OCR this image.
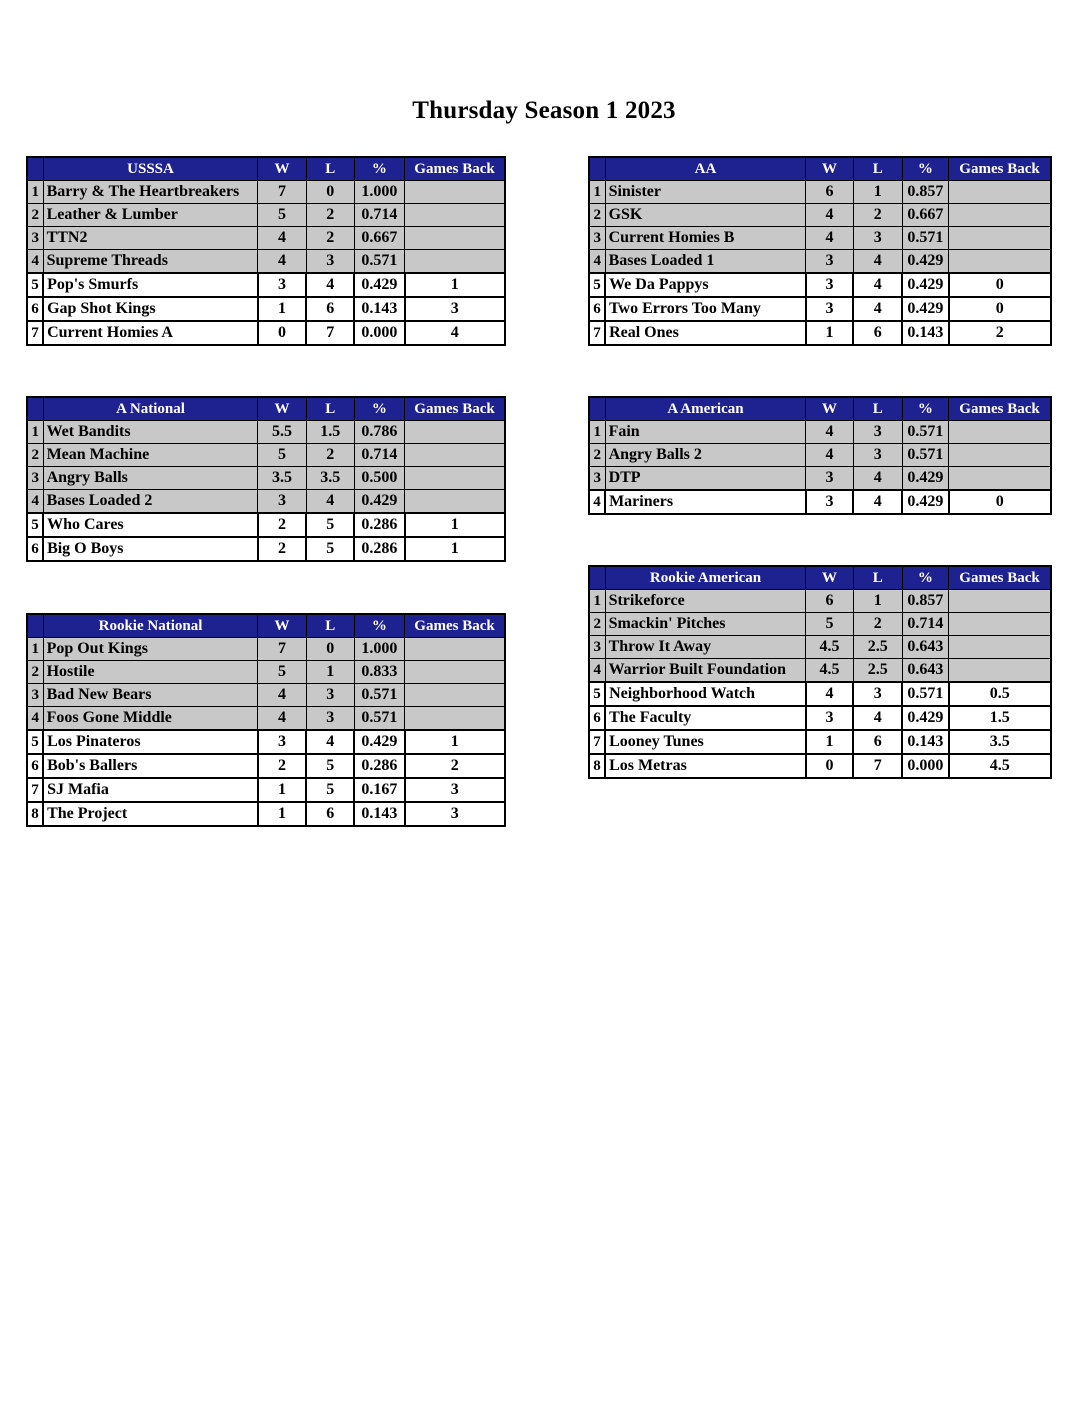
Thursday Season 1 2023
	USSSA	W	L	%	Games Back
1	Barry & The Heartbreakers	7	0	1.000	
2	Leather & Lumber	5	2	0.714	
3	TTN2	4	2	0.667	
4	Supreme Threads	4	3	0.571	
5	Pop's Smurfs	3	4	0.429	1
6	Gap Shot Kings	1	6	0.143	3
7	Current Homies A	0	7	0.000	4
	AA	W	L	%	Games Back
1	Sinister	6	1	0.857	
2	GSK	4	2	0.667	
3	Current Homies B	4	3	0.571	
4	Bases Loaded 1	3	4	0.429	
5	We Da Pappys	3	4	0.429	0
6	Two Errors Too Many	3	4	0.429	0
7	Real Ones	1	6	0.143	2
	A National	W	L	%	Games Back
1	Wet Bandits	5.5	1.5	0.786	
2	Mean Machine	5	2	0.714	
3	Angry Balls	3.5	3.5	0.500	
4	Bases Loaded 2	3	4	0.429	
5	Who Cares	2	5	0.286	1
6	Big O Boys	2	5	0.286	1
	A American	W	L	%	Games Back
1	Fain	4	3	0.571	
2	Angry Balls 2	4	3	0.571	
3	DTP	3	4	0.429	
4	Mariners	3	4	0.429	0
	Rookie National	W	L	%	Games Back
1	Pop Out Kings	7	0	1.000	
2	Hostile	5	1	0.833	
3	Bad New Bears	4	3	0.571	
4	Foos Gone Middle	4	3	0.571	
5	Los Pinateros	3	4	0.429	1
6	Bob's Ballers	2	5	0.286	2
7	SJ Mafia	1	5	0.167	3
8	The Project	1	6	0.143	3
	Rookie American	W	L	%	Games Back
1	Strikeforce	6	1	0.857	
2	Smackin' Pitches	5	2	0.714	
3	Throw It Away	4.5	2.5	0.643	
4	Warrior Built Foundation	4.5	2.5	0.643	
5	Neighborhood Watch	4	3	0.571	0.5
6	The Faculty	3	4	0.429	1.5
7	Looney Tunes	1	6	0.143	3.5
8	Los Metras	0	7	0.000	4.5
